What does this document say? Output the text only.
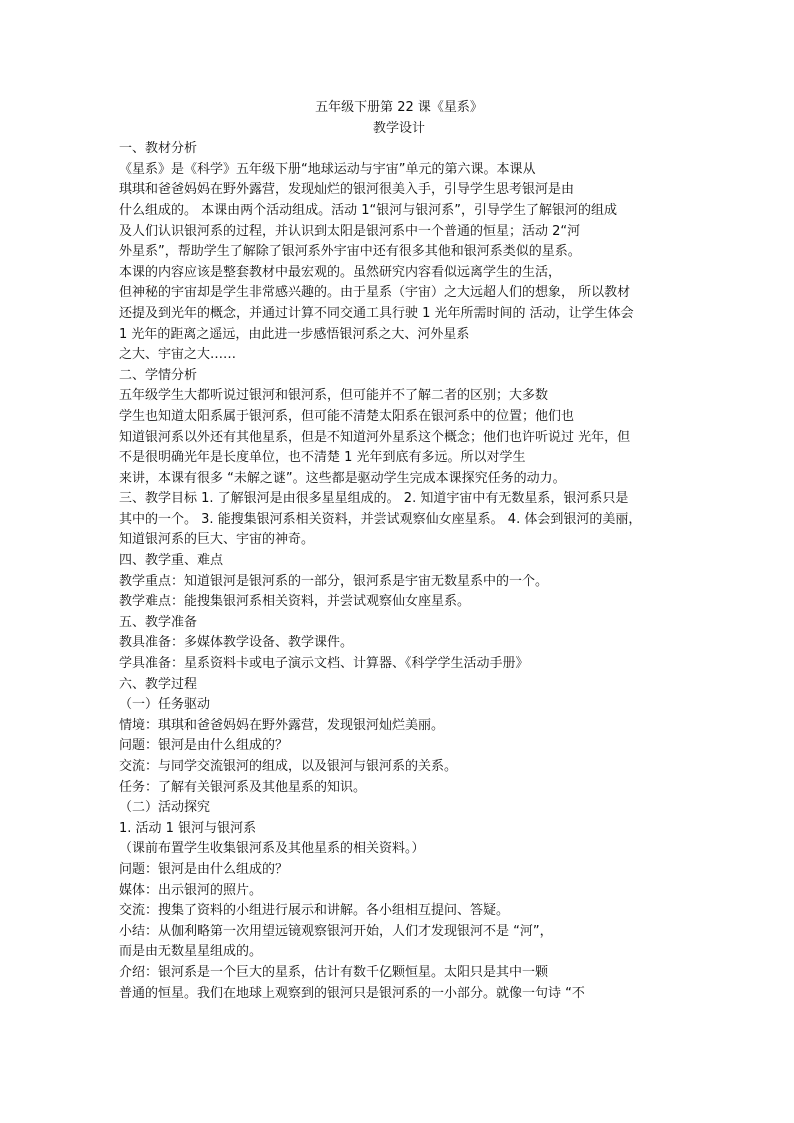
五年级下册第 22 课《星系》

教学设计

一、教材分析

《星系》是《科学》五年级下册“地球运动与宇宙”单元的第六课。本课从

琪琪和爸爸妈妈在野外露营，发现灿烂的银河很美入手，引导学生思考银河是由

什么组成的。 本课由两个活动组成。活动 1“银河与银河系”，引导学生了解银河的组成

及人们认识银河系的过程，并认识到太阳是银河系中一个普通的恒星；活动 2“河

外星系”，帮助学生了解除了银河系外宇宙中还有很多其他和银河系类似的星系。

本课的内容应该是整套教材中最宏观的。虽然研究内容看似远离学生的生活，

但神秘的宇宙却是学生非常感兴趣的。由于星系（宇宙）之大远超人们的想象， 所以教材

还提及到光年的概念，并通过计算不同交通工具行驶 1 光年所需时间的 活动，让学生体会

1 光年的距离之遥远，由此进一步感悟银河系之大、河外星系

之大、宇宙之大……

二、学情分析

五年级学生大都听说过银河和银河系，但可能并不了解二者的区别；大多数

学生也知道太阳系属于银河系，但可能不清楚太阳系在银河系中的位置；他们也

知道银河系以外还有其他星系，但是不知道河外星系这个概念；他们也许听说过 光年，但

不是很明确光年是长度单位，也不清楚 1 光年到底有多远。所以对学生

来讲，本课有很多 “未解之谜”。这些都是驱动学生完成本课探究任务的动力。

三、教学目标 1. 了解银河是由很多星星组成的。 2. 知道宇宙中有无数星系，银河系只是

其中的一个。 3. 能搜集银河系相关资料，并尝试观察仙女座星系。 4. 体会到银河的美丽，

知道银河系的巨大、宇宙的神奇。

四、教学重、难点

教学重点：知道银河是银河系的一部分，银河系是宇宙无数星系中的一个。

教学难点：能搜集银河系相关资料，并尝试观察仙女座星系。

五、教学准备

教具准备：多媒体教学设备、教学课件。

学具准备：星系资料卡或电子演示文档、计算器、《科学学生活动手册》

六、教学过程

（一）任务驱动

情境：琪琪和爸爸妈妈在野外露营，发现银河灿烂美丽。

问题：银河是由什么组成的？

交流：与同学交流银河的组成，以及银河与银河系的关系。

任务：了解有关银河系及其他星系的知识。

（二）活动探究

1. 活动 1 银河与银河系

（课前布置学生收集银河系及其他星系的相关资料。）

问题：银河是由什么组成的？

媒体：出示银河的照片。

交流：搜集了资料的小组进行展示和讲解。各小组相互提问、答疑。

小结：从伽利略第一次用望远镜观察银河开始，人们才发现银河不是 “河”，

而是由无数星星组成的。

介绍：银河系是一个巨大的星系，估计有数千亿颗恒星。太阳只是其中一颗

普通的恒星。我们在地球上观察到的银河只是银河系的一小部分。就像一句诗 “不
